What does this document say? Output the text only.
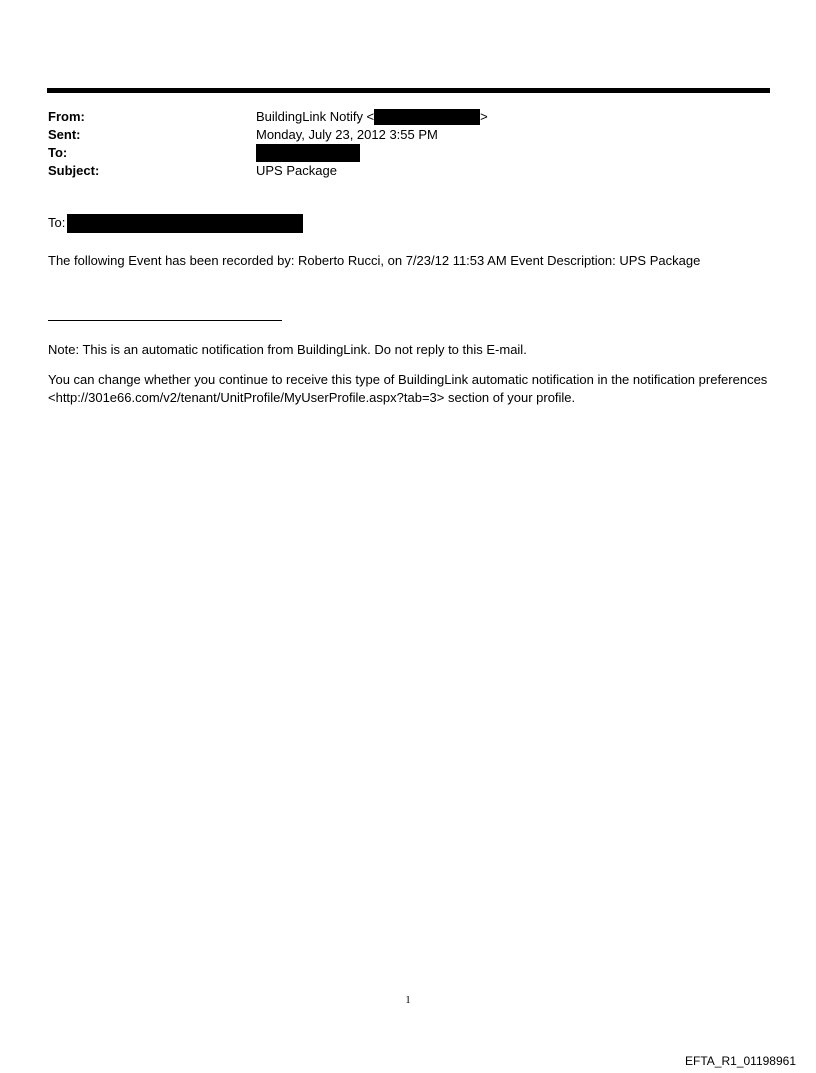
From:	BuildingLink Notify <	>
Sent:	Monday, July 23, 2012 3:55 PM
To:
Subject:	UPS Package
To:
The following Event has been recorded by: Roberto Rucci, on 7/23/12 11:53 AM Event Description: UPS Package

Note: This is an automatic notification from BuildingLink. Do not reply to this E-mail.

You can change whether you continue to receive this type of BuildingLink automatic notification in the notification preferences <http://301e66.com/v2/tenant/UnitProfile/MyUserProfile.aspx?tab=3> section of your profile.

1
EFTA_R1_01198961
